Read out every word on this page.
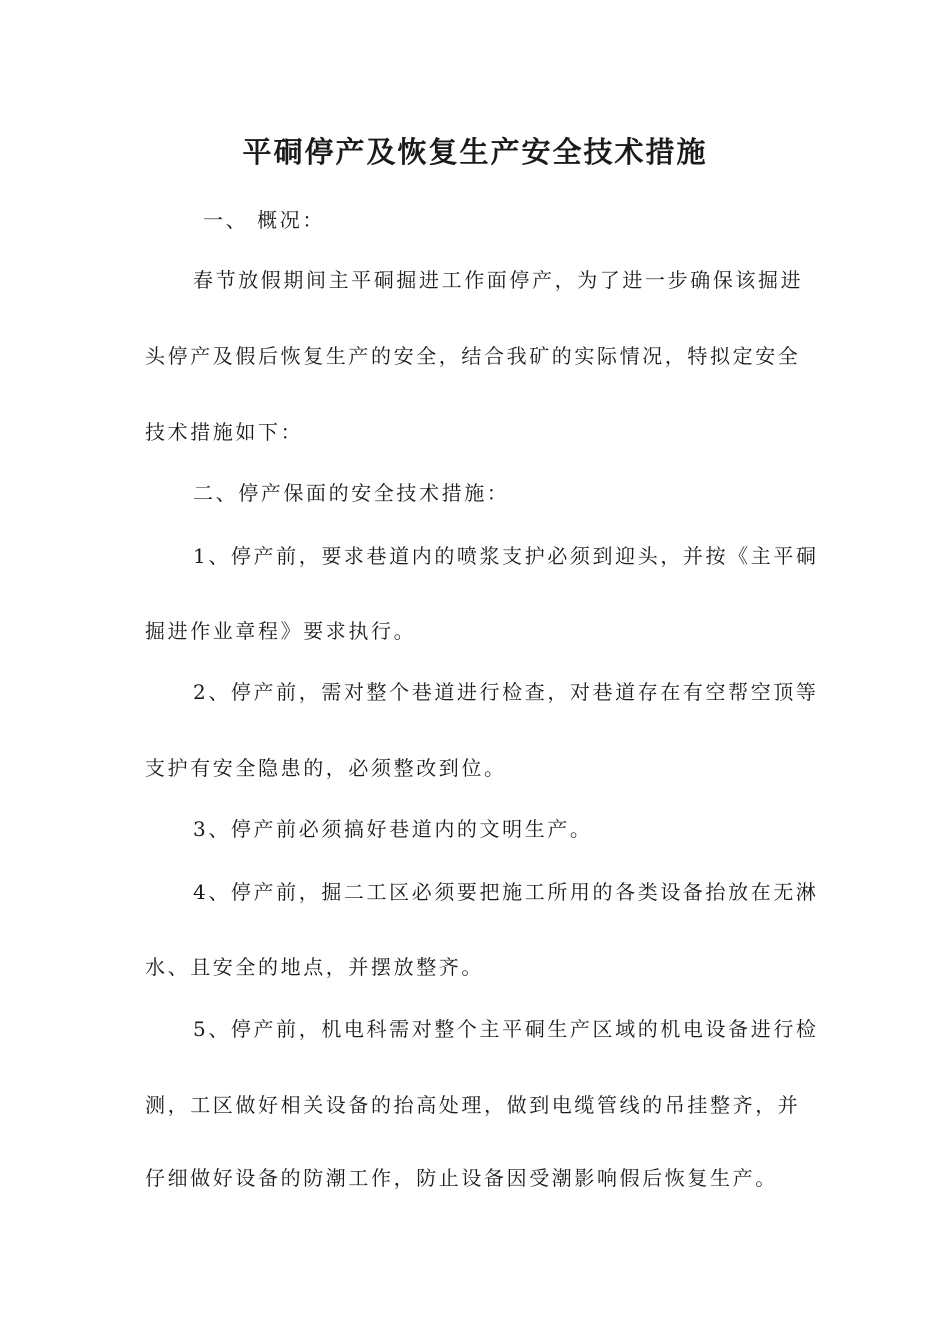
平硐停产及恢复生产安全技术措施
一、 概况：
春节放假期间主平硐掘进工作面停产，为了进一步确保该掘进
头停产及假后恢复生产的安全，结合我矿的实际情况，特拟定安全
技术措施如下：
二、停产保面的安全技术措施：
1、停产前，要求巷道内的喷浆支护必须到迎头，并按《主平硐
掘进作业章程》要求执行。
2、停产前，需对整个巷道进行检查，对巷道存在有空帮空顶等
支护有安全隐患的，必须整改到位。
3、停产前必须搞好巷道内的文明生产。
4、停产前，掘二工区必须要把施工所用的各类设备抬放在无淋
水、且安全的地点，并摆放整齐。
5、停产前，机电科需对整个主平硐生产区域的机电设备进行检
测，工区做好相关设备的抬高处理，做到电缆管线的吊挂整齐，并
仔细做好设备的防潮工作，防止设备因受潮影响假后恢复生产。
